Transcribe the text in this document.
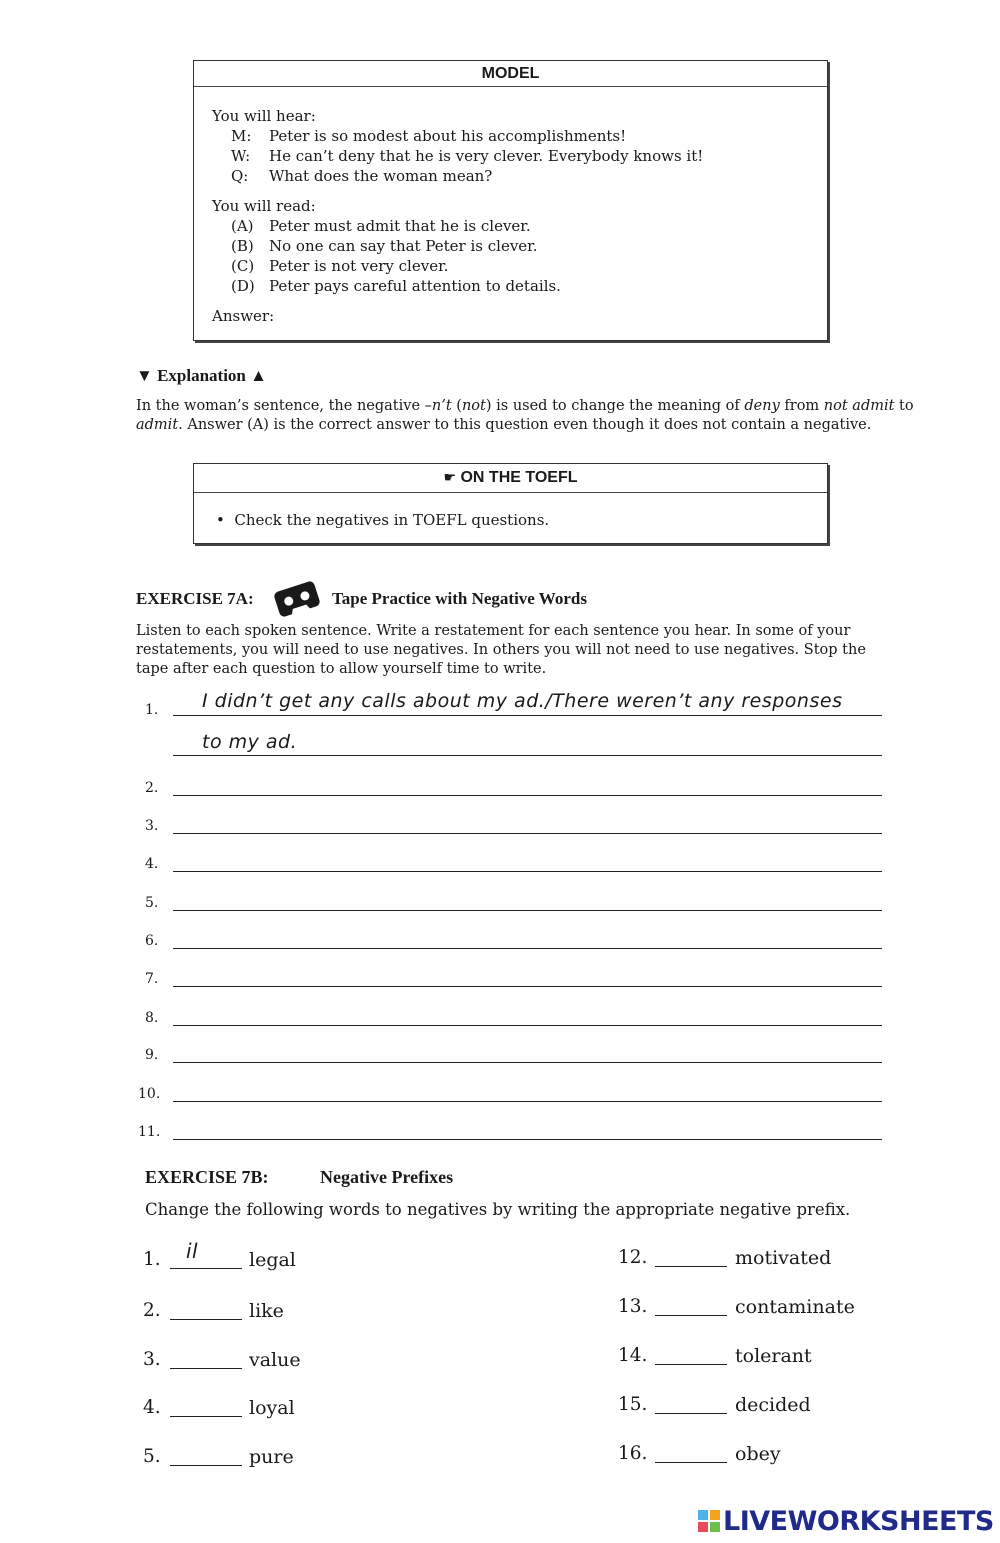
MODEL
You will hear:
M: Peter is so modest about his accomplishments!
W: He can’t deny that he is very clever. Everybody knows it!
Q: What does the woman mean?
You will read:
(A) Peter must admit that he is clever.
(B) No one can say that Peter is clever.
(C) Peter is not very clever.
(D) Peter pays careful attention to details.
Answer:
▼ Explanation ▲
In the woman’s sentence, the negative –n’t (not) is used to change the meaning of deny from not admit to
admit. Answer (A) is the correct answer to this question even though it does not contain a negative.
☛ ON THE TOEFL
•  Check the negatives in TOEFL questions.
EXERCISE 7A:	Tape Practice with Negative Words
Listen to each spoken sentence. Write a restatement for each sentence you hear. In some of your
restatements, you will need to use negatives. In others you will not need to use negatives. Stop the
tape after each question to allow yourself time to write.
1. I didn’t get any calls about my ad./There weren’t any responses
to my ad.
2.
3.
4.
5.
6.
7.
8.
9.
10.
11.
EXERCISE 7B:	Negative Prefixes
Change the following words to negatives by writing the appropriate negative prefix.
1. il	legal
2.	like
3.	value
4.	loyal
5.	pure
12.	motivated
13.	contaminate
14.	tolerant
15.	decided
16.	obey
LIVEWORKSHEETS
